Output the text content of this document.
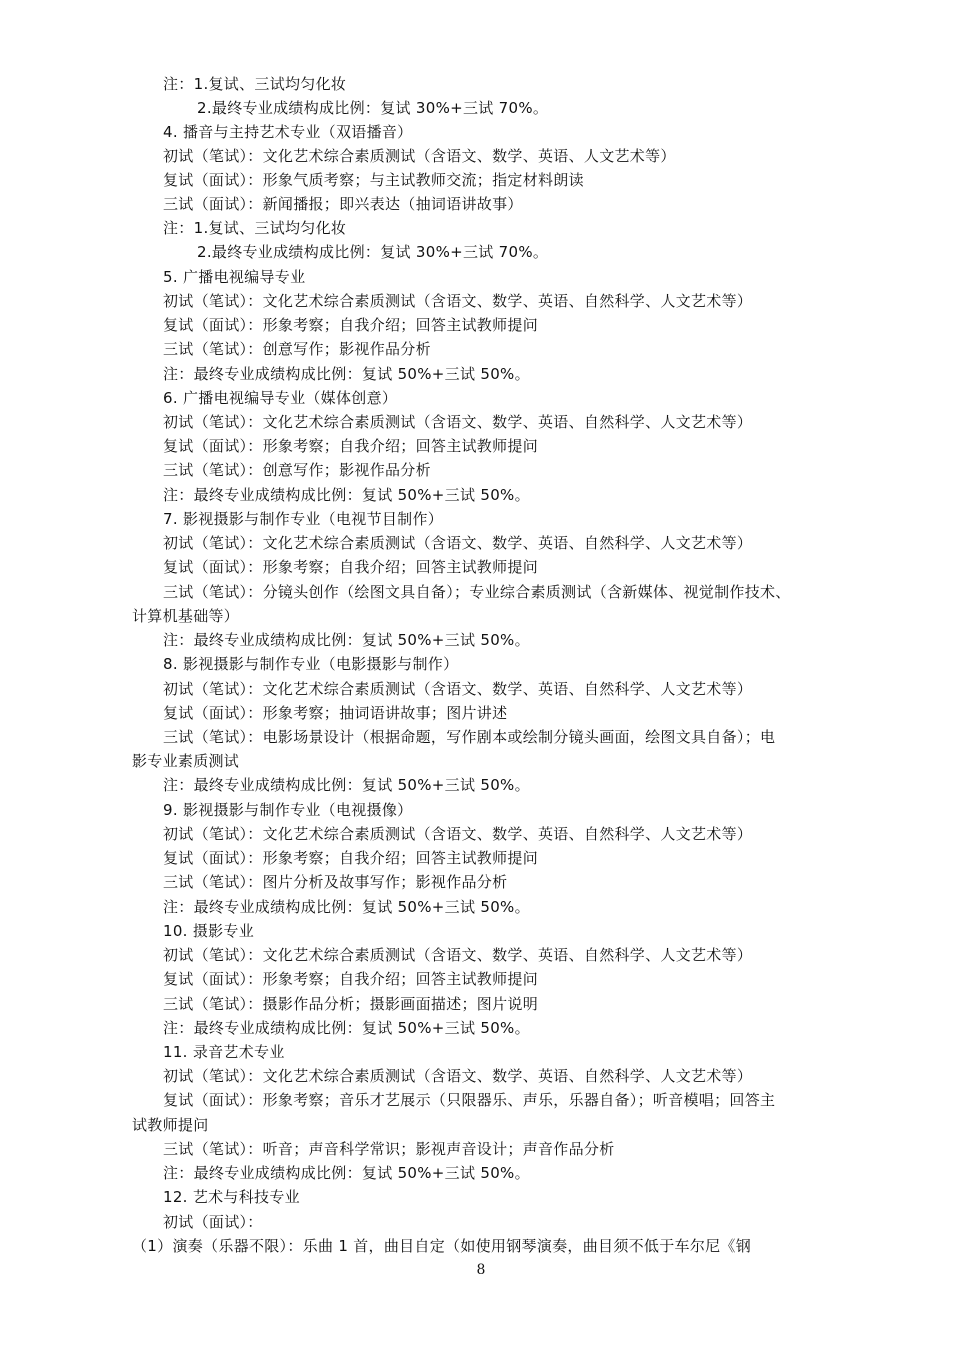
注：1.复试、三试均匀化妆
2.最终专业成绩构成比例：复试 30%+三试 70%。
4. 播音与主持艺术专业（双语播音）
初试（笔试）：文化艺术综合素质测试（含语文、数学、英语、人文艺术等）
复试（面试）：形象气质考察；与主试教师交流；指定材料朗读
三试（面试）：新闻播报；即兴表达（抽词语讲故事）
注：1.复试、三试均匀化妆
2.最终专业成绩构成比例：复试 30%+三试 70%。
5. 广播电视编导专业
初试（笔试）：文化艺术综合素质测试（含语文、数学、英语、自然科学、人文艺术等）
复试（面试）：形象考察；自我介绍；回答主试教师提问
三试（笔试）：创意写作；影视作品分析
注：最终专业成绩构成比例：复试 50%+三试 50%。
6. 广播电视编导专业（媒体创意）
初试（笔试）：文化艺术综合素质测试（含语文、数学、英语、自然科学、人文艺术等）
复试（面试）：形象考察；自我介绍；回答主试教师提问
三试（笔试）：创意写作；影视作品分析
注：最终专业成绩构成比例：复试 50%+三试 50%。
7. 影视摄影与制作专业（电视节目制作）
初试（笔试）：文化艺术综合素质测试（含语文、数学、英语、自然科学、人文艺术等）
复试（面试）：形象考察；自我介绍；回答主试教师提问
三试（笔试）：分镜头创作（绘图文具自备）；专业综合素质测试（含新媒体、视觉制作技术、
计算机基础等）
注：最终专业成绩构成比例：复试 50%+三试 50%。
8. 影视摄影与制作专业（电影摄影与制作）
初试（笔试）：文化艺术综合素质测试（含语文、数学、英语、自然科学、人文艺术等）
复试（面试）：形象考察；抽词语讲故事；图片讲述
三试（笔试）：电影场景设计（根据命题，写作剧本或绘制分镜头画面，绘图文具自备）；电
影专业素质测试
注：最终专业成绩构成比例：复试 50%+三试 50%。
9. 影视摄影与制作专业（电视摄像）
初试（笔试）：文化艺术综合素质测试（含语文、数学、英语、自然科学、人文艺术等）
复试（面试）：形象考察；自我介绍；回答主试教师提问
三试（笔试）：图片分析及故事写作；影视作品分析
注：最终专业成绩构成比例：复试 50%+三试 50%。
10. 摄影专业
初试（笔试）：文化艺术综合素质测试（含语文、数学、英语、自然科学、人文艺术等）
复试（面试）：形象考察；自我介绍；回答主试教师提问
三试（笔试）：摄影作品分析；摄影画面描述；图片说明
注：最终专业成绩构成比例：复试 50%+三试 50%。
11. 录音艺术专业
初试（笔试）：文化艺术综合素质测试（含语文、数学、英语、自然科学、人文艺术等）
复试（面试）：形象考察；音乐才艺展示（只限器乐、声乐，乐器自备）；听音模唱；回答主
试教师提问
三试（笔试）：听音；声音科学常识；影视声音设计；声音作品分析
注：最终专业成绩构成比例：复试 50%+三试 50%。
12. 艺术与科技专业
初试（面试）：
（1）演奏（乐器不限）：乐曲 1 首，曲目自定（如使用钢琴演奏，曲目须不低于车尔尼《钢
8
